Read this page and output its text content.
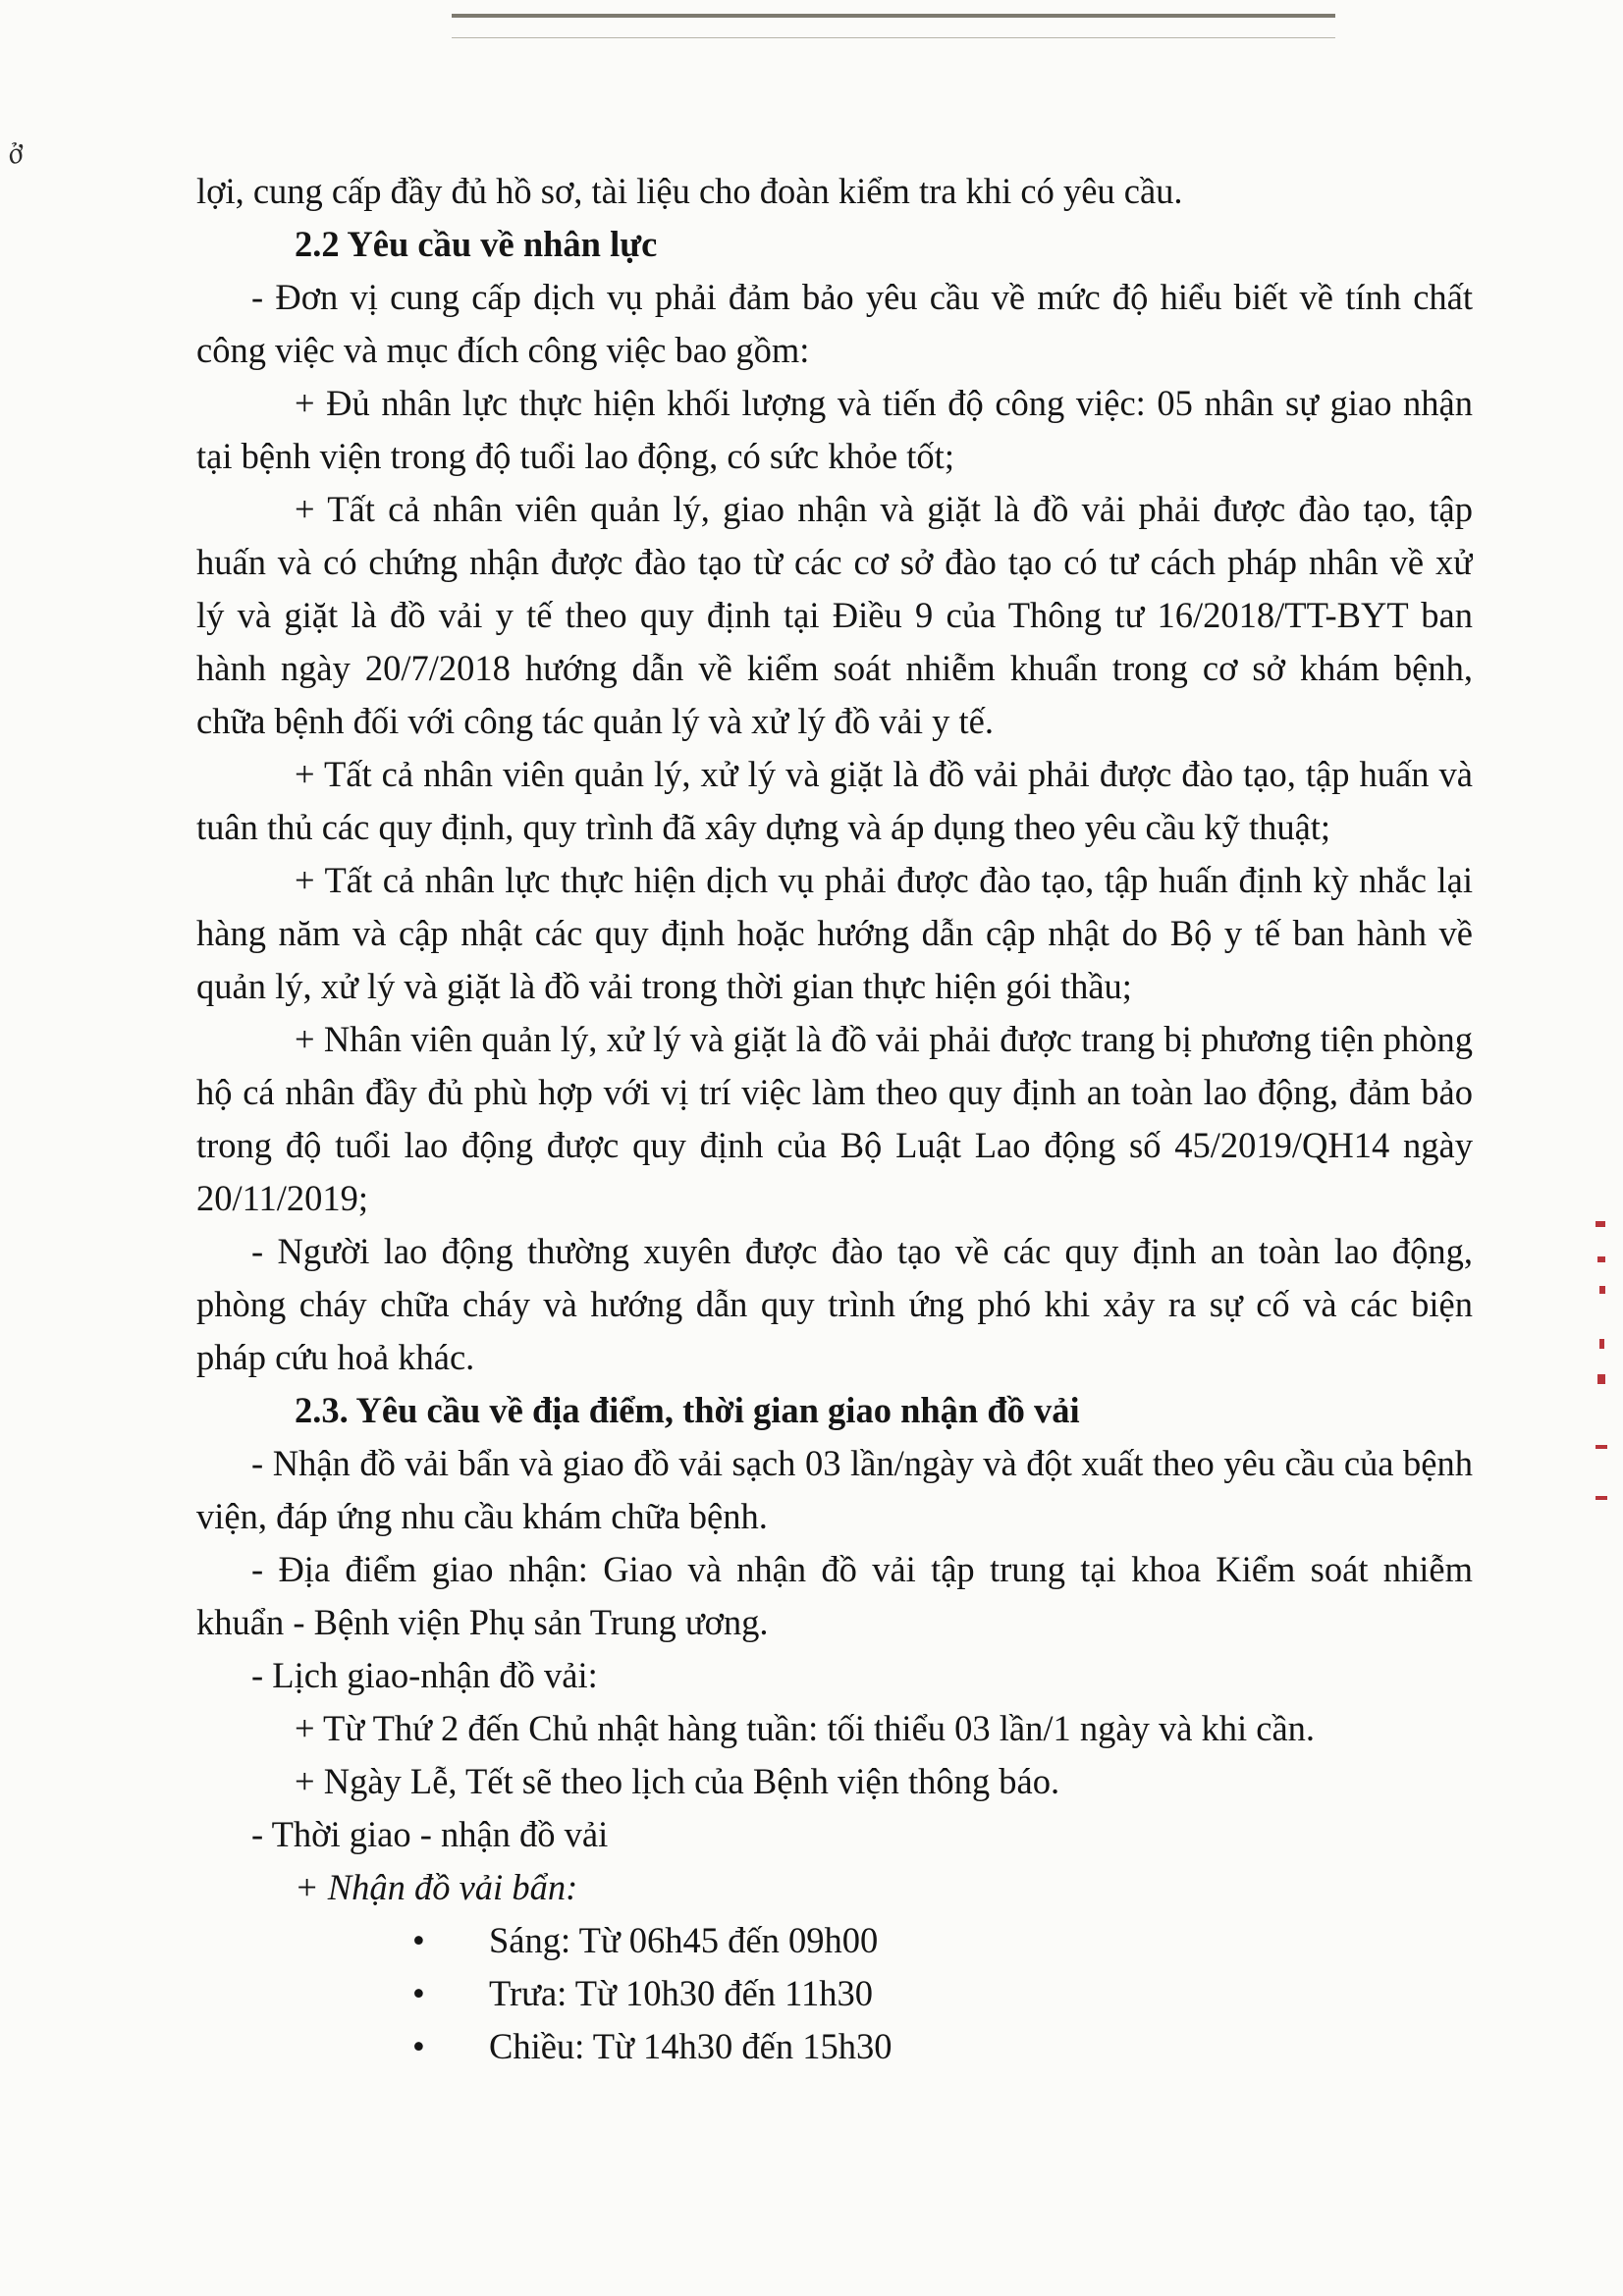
ở
lợi, cung cấp đầy đủ hồ sơ, tài liệu cho đoàn kiểm tra khi có yêu cầu.
2.2 Yêu cầu về nhân lực
- Đơn vị cung cấp dịch vụ phải đảm bảo yêu cầu về mức độ hiểu biết về tính chất
công việc và mục đích công việc bao gồm:
+ Đủ nhân lực thực hiện khối lượng và tiến độ công việc: 05 nhân sự giao nhận
tại bệnh viện trong độ tuổi lao động, có sức khỏe tốt;
+ Tất cả nhân viên quản lý, giao nhận và giặt là đồ vải phải được đào tạo, tập
huấn và có chứng nhận được đào tạo từ các cơ sở đào tạo có tư cách pháp nhân về xử
lý và giặt là đồ vải y tế theo quy định tại Điều 9 của Thông tư 16/2018/TT-BYT ban
hành ngày 20/7/2018 hướng dẫn về kiểm soát nhiễm khuẩn trong cơ sở khám bệnh,
chữa bệnh đối với công tác quản lý và xử lý đồ vải y tế.
+ Tất cả nhân viên quản lý, xử lý và giặt là đồ vải phải được đào tạo, tập huấn và
tuân thủ các quy định, quy trình đã xây dựng và áp dụng theo yêu cầu kỹ thuật;
+ Tất cả nhân lực thực hiện dịch vụ phải được đào tạo, tập huấn định kỳ nhắc lại
hàng năm và cập nhật các quy định hoặc hướng dẫn cập nhật do Bộ y tế ban hành về
quản lý, xử lý và giặt là đồ vải trong thời gian thực hiện gói thầu;
+ Nhân viên quản lý, xử lý và giặt là đồ vải phải được trang bị phương tiện phòng
hộ cá nhân đầy đủ phù hợp với vị trí việc làm theo quy định an toàn lao động, đảm bảo
trong độ tuổi lao động được quy định của Bộ Luật Lao động số 45/2019/QH14 ngày
20/11/2019;
- Người lao động thường xuyên được đào tạo về các quy định an toàn lao động,
phòng cháy chữa cháy và hướng dẫn quy trình ứng phó khi xảy ra sự cố và các biện
pháp cứu hoả khác.
2.3. Yêu cầu về địa điểm, thời gian giao nhận đồ vải
- Nhận đồ vải bẩn và giao đồ vải sạch 03 lần/ngày và đột xuất theo yêu cầu của bệnh
viện, đáp ứng nhu cầu khám chữa bệnh.
- Địa điểm giao nhận: Giao và nhận đồ vải tập trung tại khoa Kiểm soát nhiễm
khuẩn - Bệnh viện Phụ sản Trung ương.
- Lịch giao-nhận đồ vải:
+ Từ Thứ 2 đến Chủ nhật hàng tuần: tối thiểu 03 lần/1 ngày và khi cần.
+ Ngày Lễ, Tết sẽ theo lịch của Bệnh viện thông báo.
- Thời giao - nhận đồ vải
+ Nhận đồ vải bẩn:
• Sáng: Từ 06h45 đến 09h00
• Trưa: Từ 10h30 đến 11h30
• Chiều: Từ 14h30 đến 15h30
